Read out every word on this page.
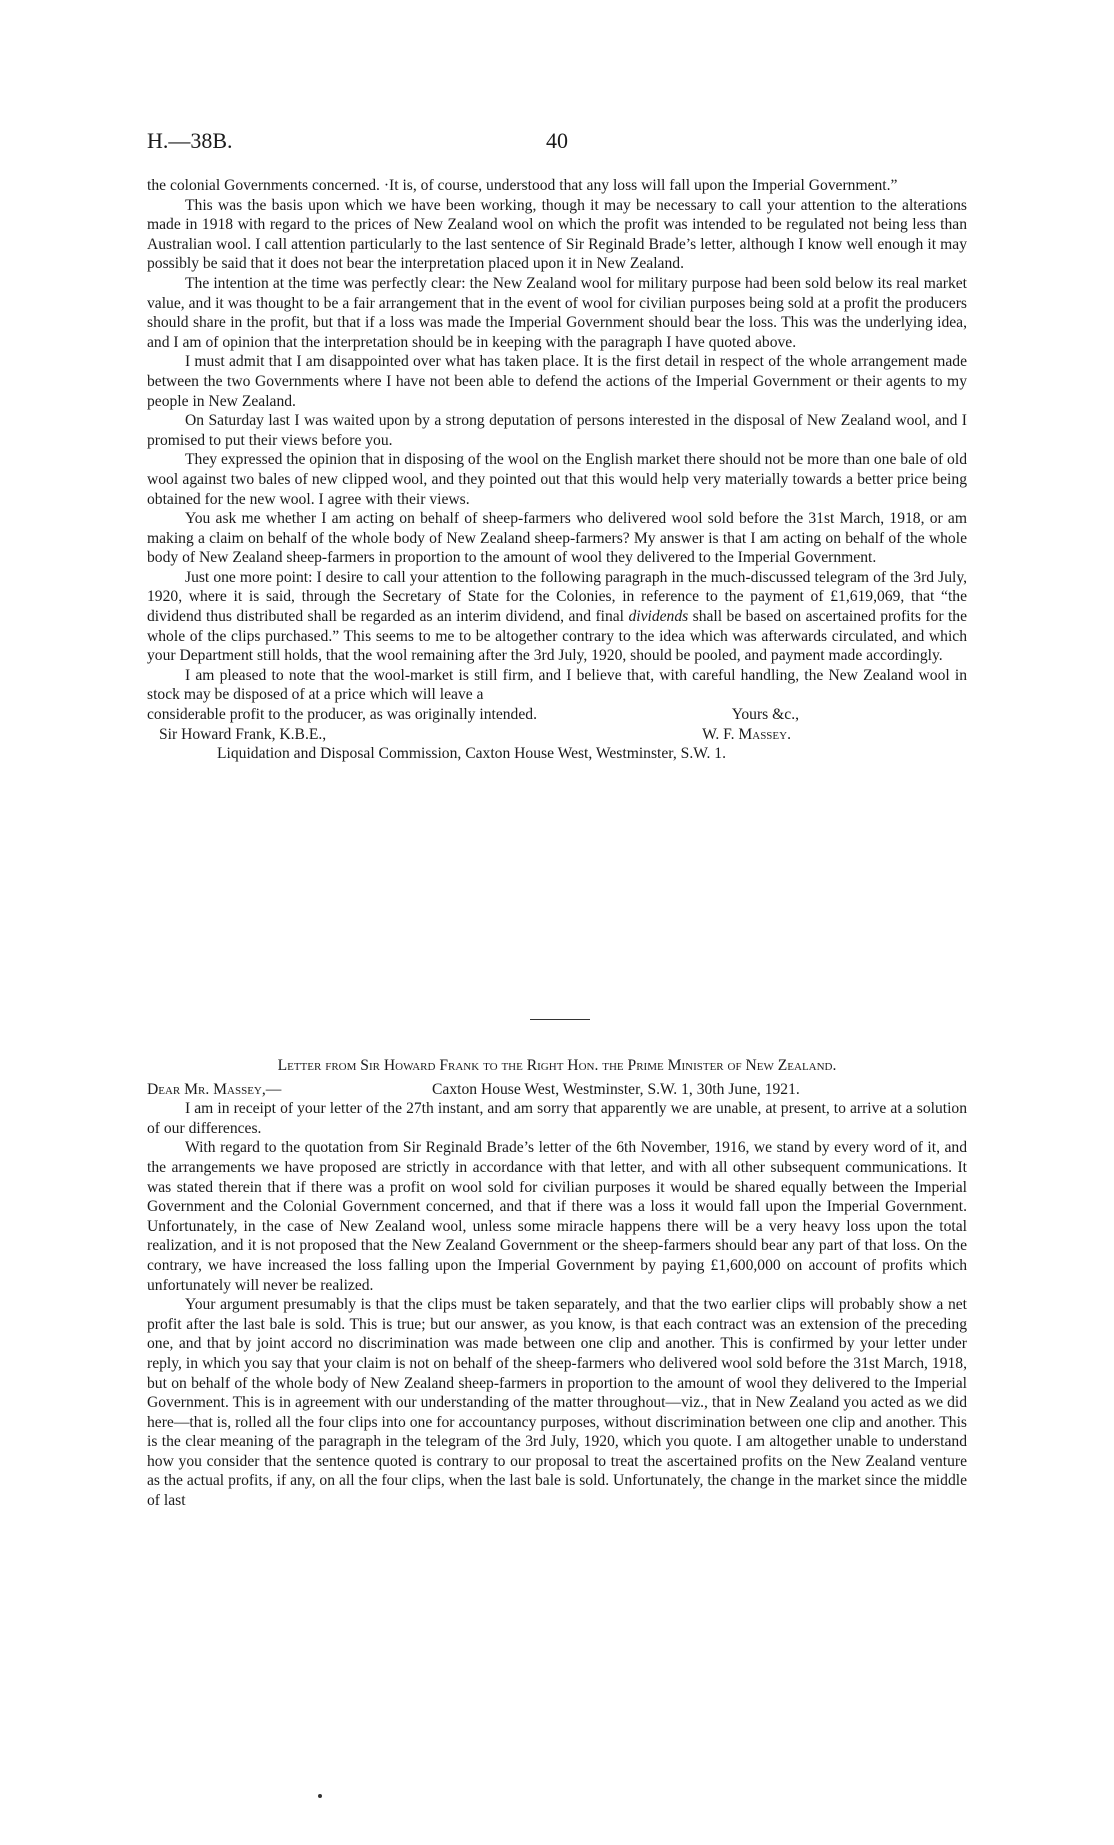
H.—38B.	40

the colonial Governments concerned. ·It is, of course, understood that any loss will fall upon the Imperial Government.”

This was the basis upon which we have been working, though it may be necessary to call your attention to the alterations made in 1918 with regard to the prices of New Zealand wool on which the profit was intended to be regulated not being less than Australian wool. I call attention particularly to the last sentence of Sir Reginald Brade’s letter, although I know well enough it may possibly be said that it does not bear the interpretation placed upon it in New Zealand.

The intention at the time was perfectly clear: the New Zealand wool for military purpose had been sold below its real market value, and it was thought to be a fair arrangement that in the event of wool for civilian purposes being sold at a profit the producers should share in the profit, but that if a loss was made the Imperial Government should bear the loss. This was the underlying idea, and I am of opinion that the interpretation should be in keeping with the paragraph I have quoted above.

I must admit that I am disappointed over what has taken place. It is the first detail in respect of the whole arrangement made between the two Governments where I have not been able to defend the actions of the Imperial Government or their agents to my people in New Zealand.

On Saturday last I was waited upon by a strong deputation of persons interested in the disposal of New Zealand wool, and I promised to put their views before you.

They expressed the opinion that in disposing of the wool on the English market there should not be more than one bale of old wool against two bales of new clipped wool, and they pointed out that this would help very materially towards a better price being obtained for the new wool. I agree with their views.

You ask me whether I am acting on behalf of sheep-farmers who delivered wool sold before the 31st March, 1918, or am making a claim on behalf of the whole body of New Zealand sheep-farmers? My answer is that I am acting on behalf of the whole body of New Zealand sheep-farmers in proportion to the amount of wool they delivered to the Imperial Government.

Just one more point: I desire to call your attention to the following paragraph in the much-discussed telegram of the 3rd July, 1920, where it is said, through the Secretary of State for the Colonies, in reference to the payment of £1,619,069, that “the dividend thus distributed shall be regarded as an interim dividend, and final dividends shall be based on ascertained profits for the whole of the clips purchased.” This seems to me to be altogether contrary to the idea which was afterwards circulated, and which your Department still holds, that the wool remaining after the 3rd July, 1920, should be pooled, and payment made accordingly.

I am pleased to note that the wool-market is still firm, and I believe that, with careful handling, the New Zealand wool in stock may be disposed of at a price which will leave a

considerable profit to the producer, as was originally intended.	Yours &c.,
Sir Howard Frank, K.B.E.,	W. F. Massey.
Liquidation and Disposal Commission, Caxton House West, Westminster, S.W. 1.
Letter from Sir Howard Frank to the Right Hon. the Prime Minister of New Zealand.
Dear Mr. Massey,—	Caxton House West, Westminster, S.W. 1, 30th June, 1921.

I am in receipt of your letter of the 27th instant, and am sorry that apparently we are unable, at present, to arrive at a solution of our differences.

With regard to the quotation from Sir Reginald Brade’s letter of the 6th November, 1916, we stand by every word of it, and the arrangements we have proposed are strictly in accordance with that letter, and with all other subsequent communications. It was stated therein that if there was a profit on wool sold for civilian purposes it would be shared equally between the Imperial Government and the Colonial Government concerned, and that if there was a loss it would fall upon the Imperial Government. Unfortunately, in the case of New Zealand wool, unless some miracle happens there will be a very heavy loss upon the total realization, and it is not proposed that the New Zealand Government or the sheep-farmers should bear any part of that loss. On the contrary, we have increased the loss falling upon the Imperial Government by paying £1,600,000 on account of profits which unfortunately will never be realized.

Your argument presumably is that the clips must be taken separately, and that the two earlier clips will probably show a net profit after the last bale is sold. This is true; but our answer, as you know, is that each contract was an extension of the preceding one, and that by joint accord no discrimination was made between one clip and another. This is confirmed by your letter under reply, in which you say that your claim is not on behalf of the sheep-farmers who delivered wool sold before the 31st March, 1918, but on behalf of the whole body of New Zealand sheep-farmers in proportion to the amount of wool they delivered to the Imperial Government. This is in agreement with our understanding of the matter throughout—viz., that in New Zealand you acted as we did here—that is, rolled all the four clips into one for accountancy purposes, without discrimination between one clip and another. This is the clear meaning of the paragraph in the telegram of the 3rd July, 1920, which you quote. I am altogether unable to understand how you consider that the sentence quoted is contrary to our proposal to treat the ascertained profits on the New Zealand venture as the actual profits, if any, on all the four clips, when the last bale is sold. Unfortunately, the change in the market since the middle of last
